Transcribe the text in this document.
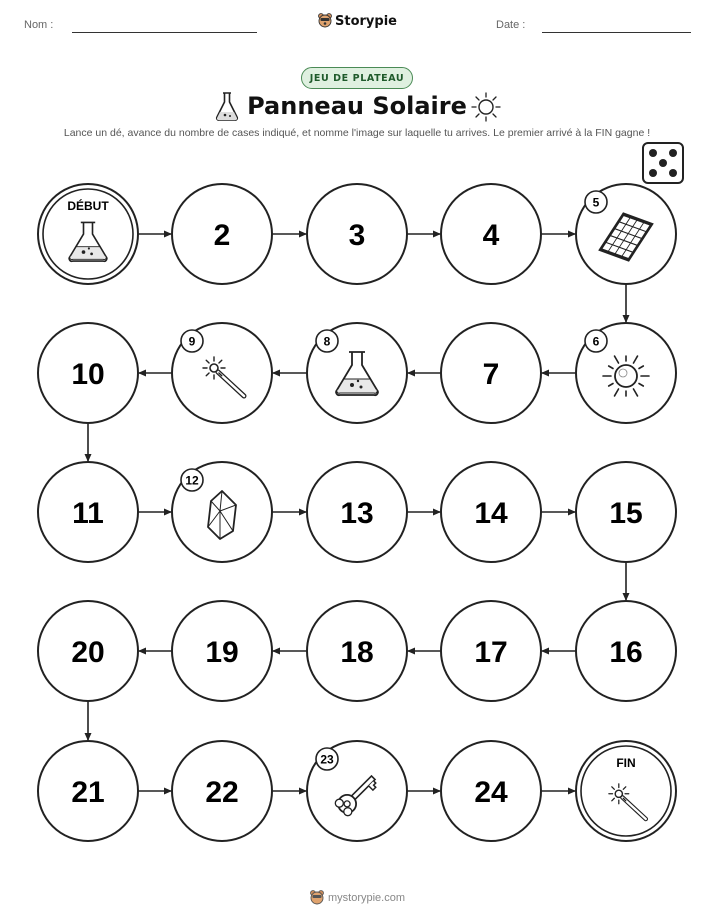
Nom :	Storypie	Date :
JEU DE PLATEAU
Panneau Solaire
Lance un dé, avance du nombre de cases indiqué, et nomme l'image sur laquelle tu arrives. Le premier arrivé à la FIN gagne !
DÉBUT
2	3	4
5
6
7
8
9
10
11
12
13	14	15
16
17
18
19
20
21	22
23
24
FIN
mystorypie.com
